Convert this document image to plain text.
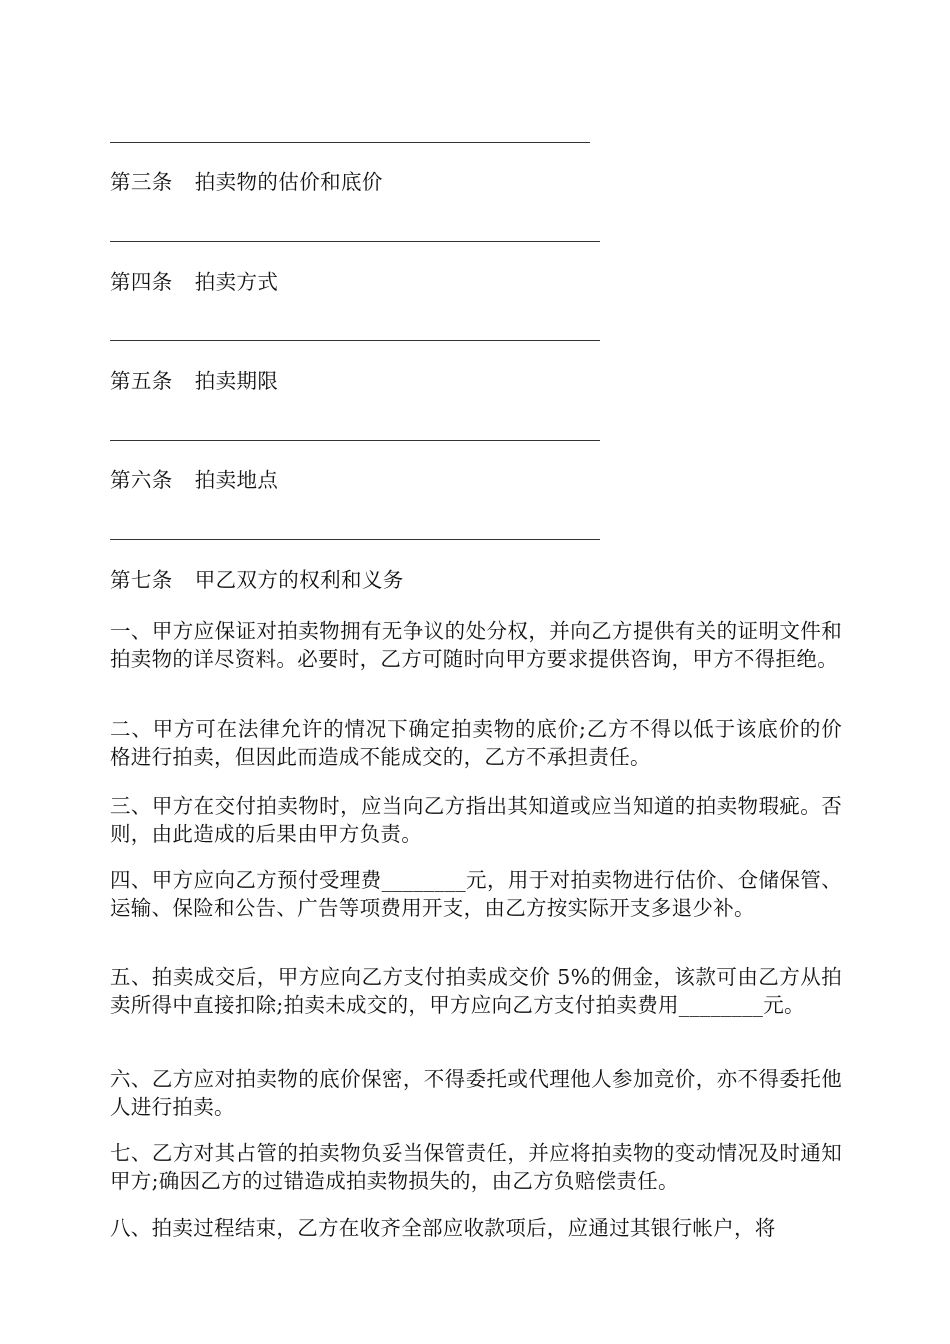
第三条 拍卖物的估价和底价
第四条 拍卖方式
第五条 拍卖期限
第六条 拍卖地点
第七条 甲乙双方的权利和义务
一、甲方应保证对拍卖物拥有无争议的处分权，并向乙方提供有关的证明文件和拍卖物的详尽资料。必要时，乙方可随时向甲方要求提供咨询，甲方不得拒绝。
二、甲方可在法律允许的情况下确定拍卖物的底价;乙方不得以低于该底价的价格进行拍卖，但因此而造成不能成交的，乙方不承担责任。
三、甲方在交付拍卖物时，应当向乙方指出其知道或应当知道的拍卖物瑕疵。否则，由此造成的后果由甲方负责。
四、甲方应向乙方预付受理费________元，用于对拍卖物进行估价、仓储保管、运输、保险和公告、广告等项费用开支，由乙方按实际开支多退少补。
五、拍卖成交后，甲方应向乙方支付拍卖成交价 5%的佣金，该款可由乙方从拍卖所得中直接扣除;拍卖未成交的，甲方应向乙方支付拍卖费用________元。
六、乙方应对拍卖物的底价保密，不得委托或代理他人参加竞价，亦不得委托他人进行拍卖。
七、乙方对其占管的拍卖物负妥当保管责任，并应将拍卖物的变动情况及时通知甲方;确因乙方的过错造成拍卖物损失的，由乙方负赔偿责任。
八、拍卖过程结束，乙方在收齐全部应收款项后，应通过其银行帐户，将
